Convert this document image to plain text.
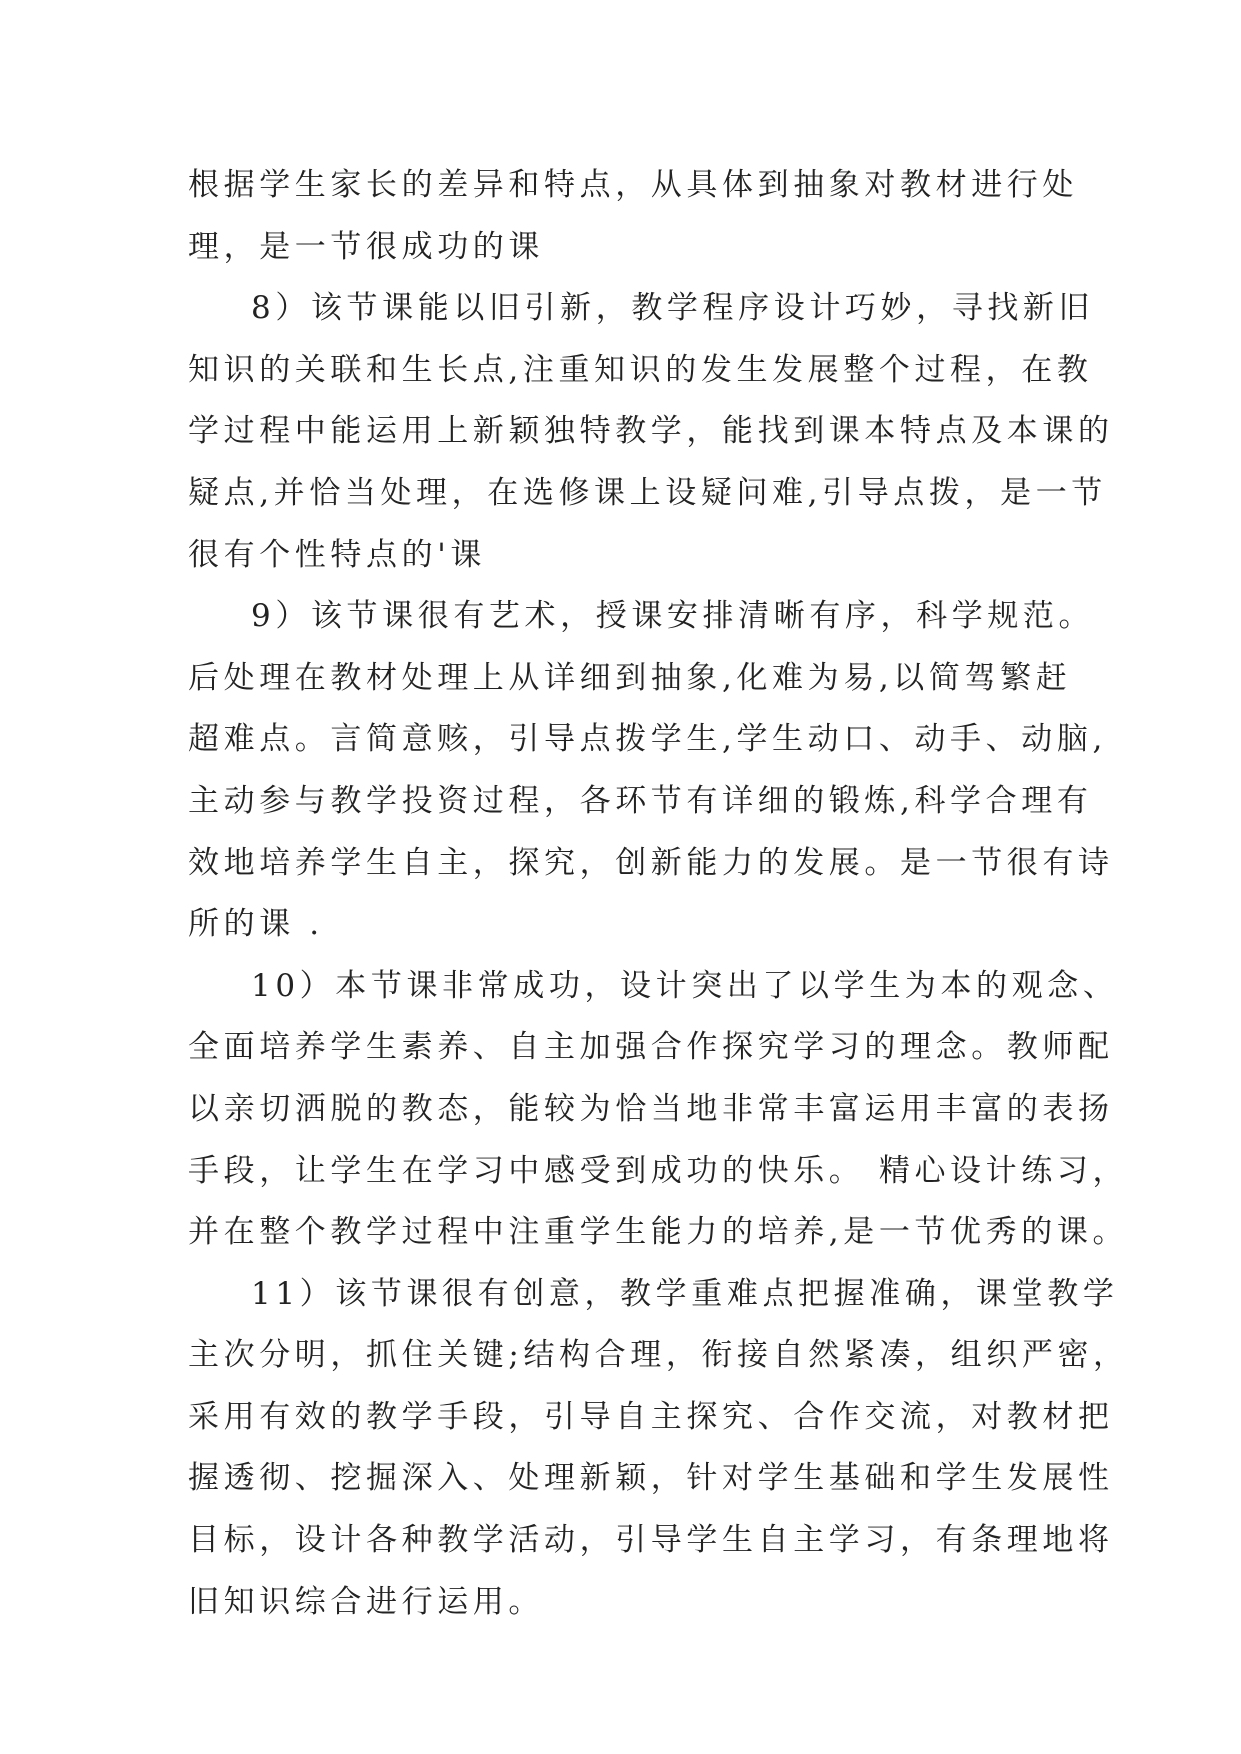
根据学生家长的差异和特点，从具体到抽象对教材进行处
理，是一节很成功的课
8）该节课能以旧引新，教学程序设计巧妙，寻找新旧
知识的关联和生长点,注重知识的发生发展整个过程，在教
学过程中能运用上新颖独特教学，能找到课本特点及本课的
疑点,并恰当处理，在选修课上设疑问难,引导点拨，是一节
很有个性特点的'课
9）该节课很有艺术，授课安排清晰有序，科学规范。
后处理在教材处理上从详细到抽象,化难为易,以简驾繁赶
超难点。言简意赅，引导点拨学生,学生动口、动手、动脑,
主动参与教学投资过程，各环节有详细的锻炼,科学合理有
效地培养学生自主，探究，创新能力的发展。是一节很有诗
所的课 .
10）本节课非常成功，设计突出了以学生为本的观念、
全面培养学生素养、自主加强合作探究学习的理念。教师配
以亲切洒脱的教态，能较为恰当地非常丰富运用丰富的表扬
手段，让学生在学习中感受到成功的快乐。 精心设计练习，
并在整个教学过程中注重学生能力的培养,是一节优秀的课。
11）该节课很有创意，教学重难点把握准确，课堂教学
主次分明，抓住关键;结构合理，衔接自然紧凑，组织严密，
采用有效的教学手段，引导自主探究、合作交流，对教材把
握透彻、挖掘深入、处理新颖，针对学生基础和学生发展性
目标，设计各种教学活动，引导学生自主学习，有条理地将
旧知识综合进行运用。
